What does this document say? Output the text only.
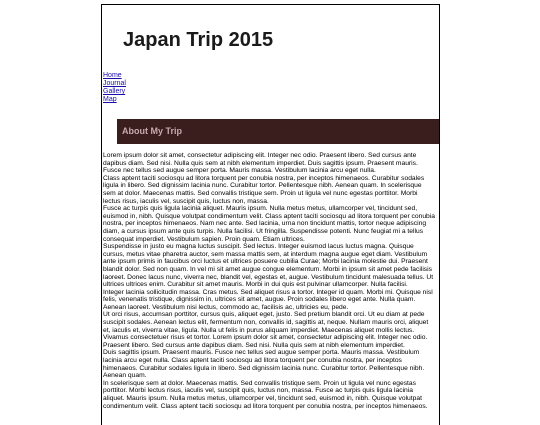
Japan Trip 2015
Home
Journal
Gallery
Map
About My Trip

Lorem ipsum dolor sit amet, consectetur adipiscing elit. Integer nec odio. Praesent libero. Sed cursus ante dapibus diam. Sed nisi. Nulla quis sem at nibh elementum imperdiet. Duis sagittis ipsum. Praesent mauris. Fusce nec tellus sed augue semper porta. Mauris massa. Vestibulum lacinia arcu eget nulla.

Class aptent taciti sociosqu ad litora torquent per conubia nostra, per inceptos himenaeos. Curabitur sodales ligula in libero. Sed dignissim lacinia nunc. Curabitur tortor. Pellentesque nibh. Aenean quam. In scelerisque sem at dolor. Maecenas mattis. Sed convallis tristique sem. Proin ut ligula vel nunc egestas porttitor. Morbi lectus risus, iaculis vel, suscipit quis, luctus non, massa.

Fusce ac turpis quis ligula lacinia aliquet. Mauris ipsum. Nulla metus metus, ullamcorper vel, tincidunt sed, euismod in, nibh. Quisque volutpat condimentum velit. Class aptent taciti sociosqu ad litora torquent per conubia nostra, per inceptos himenaeos. Nam nec ante. Sed lacinia, urna non tincidunt mattis, tortor neque adipiscing diam, a cursus ipsum ante quis turpis. Nulla facilisi. Ut fringilla. Suspendisse potenti. Nunc feugiat mi a tellus consequat imperdiet. Vestibulum sapien. Proin quam. Etiam ultrices.

Suspendisse in justo eu magna luctus suscipit. Sed lectus. Integer euismod lacus luctus magna. Quisque cursus, metus vitae pharetra auctor, sem massa mattis sem, at interdum magna augue eget diam. Vestibulum ante ipsum primis in faucibus orci luctus et ultrices posuere cubilia Curae; Morbi lacinia molestie dui. Praesent blandit dolor. Sed non quam. In vel mi sit amet augue congue elementum. Morbi in ipsum sit amet pede facilisis laoreet. Donec lacus nunc, viverra nec, blandit vel, egestas et, augue. Vestibulum tincidunt malesuada tellus. Ut ultrices ultrices enim. Curabitur sit amet mauris. Morbi in dui quis est pulvinar ullamcorper. Nulla facilisi.

Integer lacinia sollicitudin massa. Cras metus. Sed aliquet risus a tortor. Integer id quam. Morbi mi. Quisque nisl felis, venenatis tristique, dignissim in, ultrices sit amet, augue. Proin sodales libero eget ante. Nulla quam. Aenean laoreet. Vestibulum nisi lectus, commodo ac, facilisis ac, ultricies eu, pede.

Ut orci risus, accumsan porttitor, cursus quis, aliquet eget, justo. Sed pretium blandit orci. Ut eu diam at pede suscipit sodales. Aenean lectus elit, fermentum non, convallis id, sagittis at, neque. Nullam mauris orci, aliquet et, iaculis et, viverra vitae, ligula. Nulla ut felis in purus aliquam imperdiet. Maecenas aliquet mollis lectus. Vivamus consectetuer risus et tortor. Lorem ipsum dolor sit amet, consectetur adipiscing elit. Integer nec odio. Praesent libero. Sed cursus ante dapibus diam. Sed nisi. Nulla quis sem at nibh elementum imperdiet.

Duis sagittis ipsum. Praesent mauris. Fusce nec tellus sed augue semper porta. Mauris massa. Vestibulum lacinia arcu eget nulla. Class aptent taciti sociosqu ad litora torquent per conubia nostra, per inceptos himenaeos. Curabitur sodales ligula in libero. Sed dignissim lacinia nunc. Curabitur tortor. Pellentesque nibh. Aenean quam.

In scelerisque sem at dolor. Maecenas mattis. Sed convallis tristique sem. Proin ut ligula vel nunc egestas porttitor. Morbi lectus risus, iaculis vel, suscipit quis, luctus non, massa. Fusce ac turpis quis ligula lacinia aliquet. Mauris ipsum. Nulla metus metus, ullamcorper vel, tincidunt sed, euismod in, nibh. Quisque volutpat condimentum velit. Class aptent taciti sociosqu ad litora torquent per conubia nostra, per inceptos himenaeos.
